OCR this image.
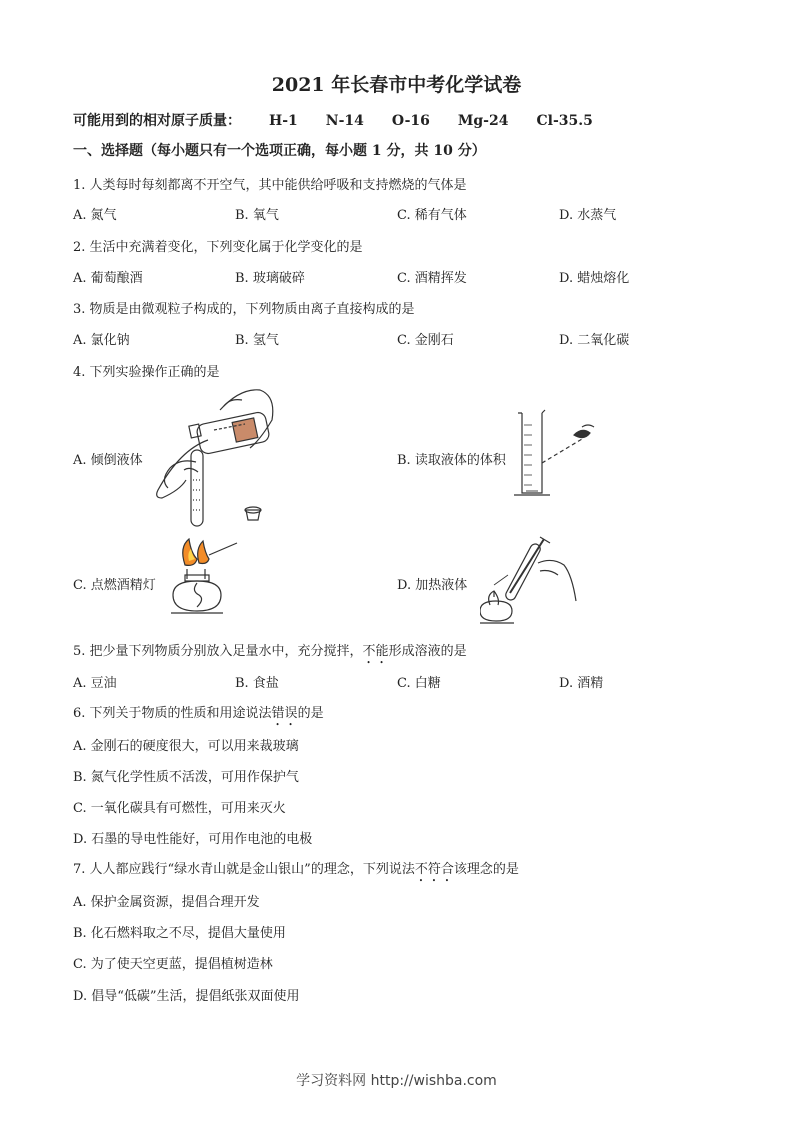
2021 年长春市中考化学试卷
可能用到的相对原子质量： H-1 N-14 O-16 Mg-24 Cl-35.5
一、选择题（每小题只有一个选项正确，每小题 1 分，共 10 分）
1. 人类每时每刻都离不开空气，其中能供给呼吸和支持燃烧的气体是
A. 氮气	B. 氧气	C. 稀有气体	D. 水蒸气
2. 生活中充满着变化，下列变化属于化学变化的是
A. 葡萄酿酒	B. 玻璃破碎	C. 酒精挥发	D. 蜡烛熔化
3. 物质是由微观粒子构成的，下列物质由离子直接构成的是
A. 氯化钠	B. 氢气	C. 金刚石	D. 二氧化碳
4. 下列实验操作正确的是
A. 倾倒液体	B. 读取液体的体积
C. 点燃酒精灯	D. 加热液体
5. 把少量下列物质分别放入足量水中，充分搅拌，不能形成溶液的是
A. 豆油	B. 食盐	C. 白糖	D. 酒精
6. 下列关于物质的性质和用途说法错误的是
A. 金刚石的硬度很大，可以用来裁玻璃
B. 氮气化学性质不活泼，可用作保护气
C. 一氧化碳具有可燃性，可用来灭火
D. 石墨的导电性能好，可用作电池的电极
7. 人人都应践行“绿水青山就是金山银山”的理念，下列说法不符合该理念的是
A. 保护金属资源，提倡合理开发
B. 化石燃料取之不尽，提倡大量使用
C. 为了使天空更蓝，提倡植树造林
D. 倡导“低碳”生活，提倡纸张双面使用
学习资料网 http://wishba.com
